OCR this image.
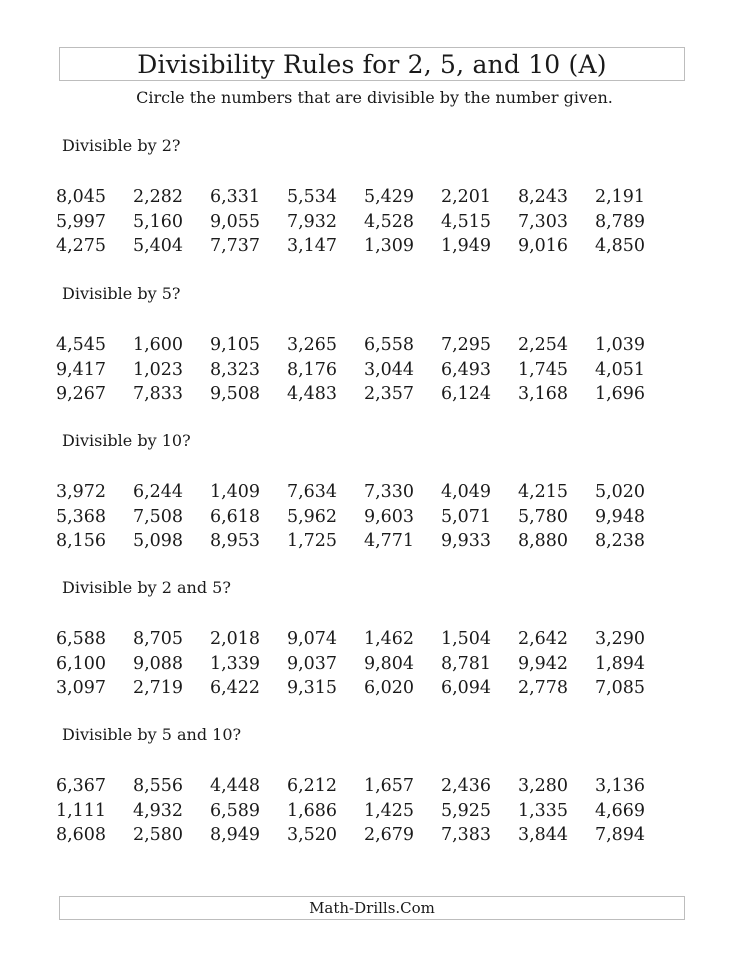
Divisibility Rules for 2, 5, and 10 (A)
Circle the numbers that are divisible by the number given.
Divisible by 2?
8,045	2,282	6,331	5,534	5,429	2,201	8,243	2,191
5,997	5,160	9,055	7,932	4,528	4,515	7,303	8,789
4,275	5,404	7,737	3,147	1,309	1,949	9,016	4,850
Divisible by 5?
4,545	1,600	9,105	3,265	6,558	7,295	2,254	1,039
9,417	1,023	8,323	8,176	3,044	6,493	1,745	4,051
9,267	7,833	9,508	4,483	2,357	6,124	3,168	1,696
Divisible by 10?
3,972	6,244	1,409	7,634	7,330	4,049	4,215	5,020
5,368	7,508	6,618	5,962	9,603	5,071	5,780	9,948
8,156	5,098	8,953	1,725	4,771	9,933	8,880	8,238
Divisible by 2 and 5?
6,588	8,705	2,018	9,074	1,462	1,504	2,642	3,290
6,100	9,088	1,339	9,037	9,804	8,781	9,942	1,894
3,097	2,719	6,422	9,315	6,020	6,094	2,778	7,085
Divisible by 5 and 10?
6,367	8,556	4,448	6,212	1,657	2,436	3,280	3,136
1,111	4,932	6,589	1,686	1,425	5,925	1,335	4,669
8,608	2,580	8,949	3,520	2,679	7,383	3,844	7,894
Math-Drills.Com
